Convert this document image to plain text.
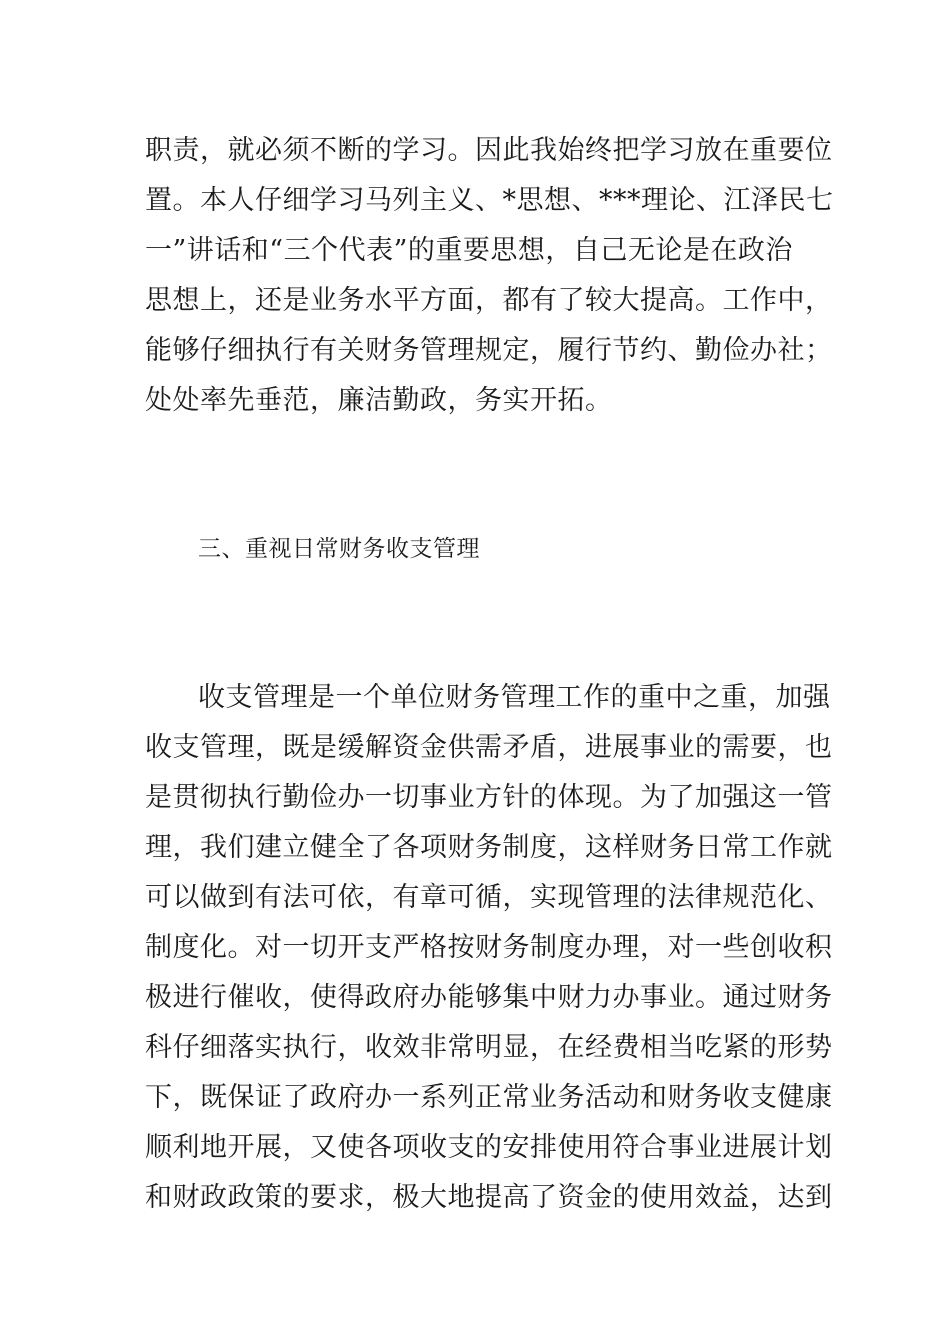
职责，就必须不断的学习。因此我始终把学习放在重要位
置。本人仔细学习马列主义、*思想、***理论、江泽民七
一”讲话和“三个代表”的重要思想，自己无论是在政治
思想上，还是业务水平方面，都有了较大提高。工作中，
能够仔细执行有关财务管理规定，履行节约、勤俭办社；
处处率先垂范，廉洁勤政，务实开拓。
三、重视日常财务收支管理
收支管理是一个单位财务管理工作的重中之重，加强
收支管理，既是缓解资金供需矛盾，进展事业的需要，也
是贯彻执行勤俭办一切事业方针的体现。为了加强这一管
理，我们建立健全了各项财务制度，这样财务日常工作就
可以做到有法可依，有章可循，实现管理的法律规范化、
制度化。对一切开支严格按财务制度办理，对一些创收积
极进行催收，使得政府办能够集中财力办事业。通过财务
科仔细落实执行，收效非常明显，在经费相当吃紧的形势
下，既保证了政府办一系列正常业务活动和财务收支健康
顺利地开展，又使各项收支的安排使用符合事业进展计划
和财政政策的要求，极大地提高了资金的使用效益，达到
